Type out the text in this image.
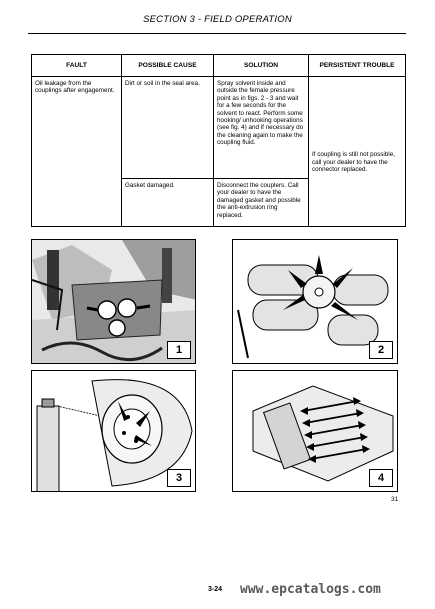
SECTION 3 - FIELD OPERATION
FAULT	POSSIBLE CAUSE	SOLUTION	PERSISTENT TROUBLE
Oil leakage from the couplings after engagement.	Dirt or soil in the seal area.	Spray solvent inside and outside the female pressure point as in figs. 2 - 3 and wait for a few seconds for the solvent to react. Perform some hooking/ unhooking operations (see fig. 4) and if necessary do the cleaning again to make the coupling fluid.	If coupling is still not possible, call your dealer to have the connector replaced.
	Gasket damaged.	Disconnect the couplers. Call your dealer to have the damaged gasket and possible the anti-extrusion ring replaced.	
1	2
3	4
31
3-24 www.epcatalogs.com
